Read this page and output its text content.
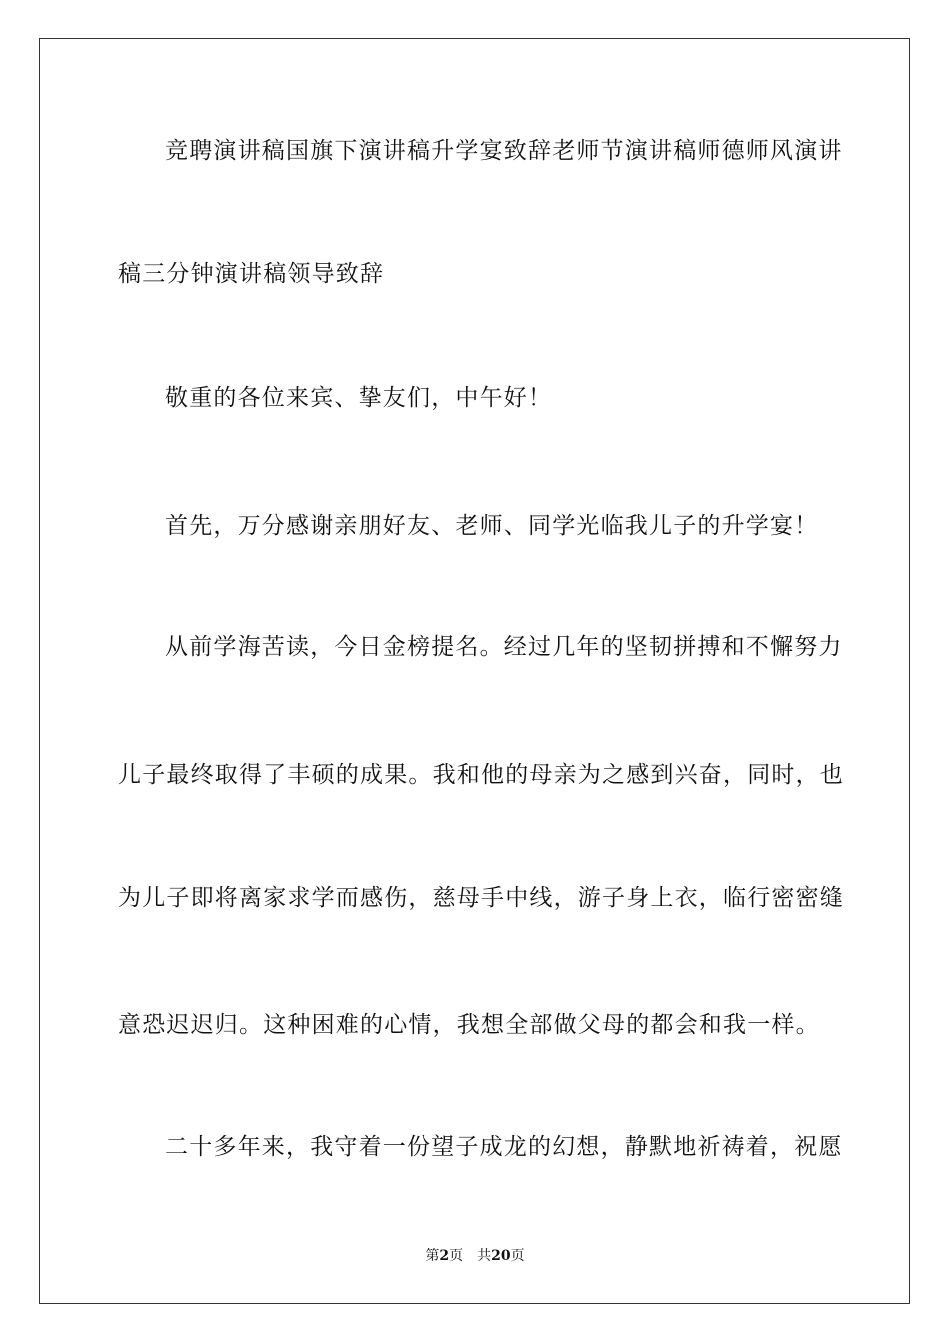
竞聘演讲稿国旗下演讲稿升学宴致辞老师节演讲稿师德师风演讲
稿三分钟演讲稿领导致辞
敬重的各位来宾、挚友们，中午好！
首先，万分感谢亲朋好友、老师、同学光临我儿子的升学宴！
从前学海苦读，今日金榜提名。经过几年的坚韧拼搏和不懈努力
儿子最终取得了丰硕的成果。我和他的母亲为之感到兴奋，同时，也
为儿子即将离家求学而感伤，慈母手中线，游子身上衣，临行密密缝
意恐迟迟归。这种困难的心情，我想全部做父母的都会和我一样。
二十多年来，我守着一份望子成龙的幻想，静默地祈祷着，祝愿
第2页 共20页
